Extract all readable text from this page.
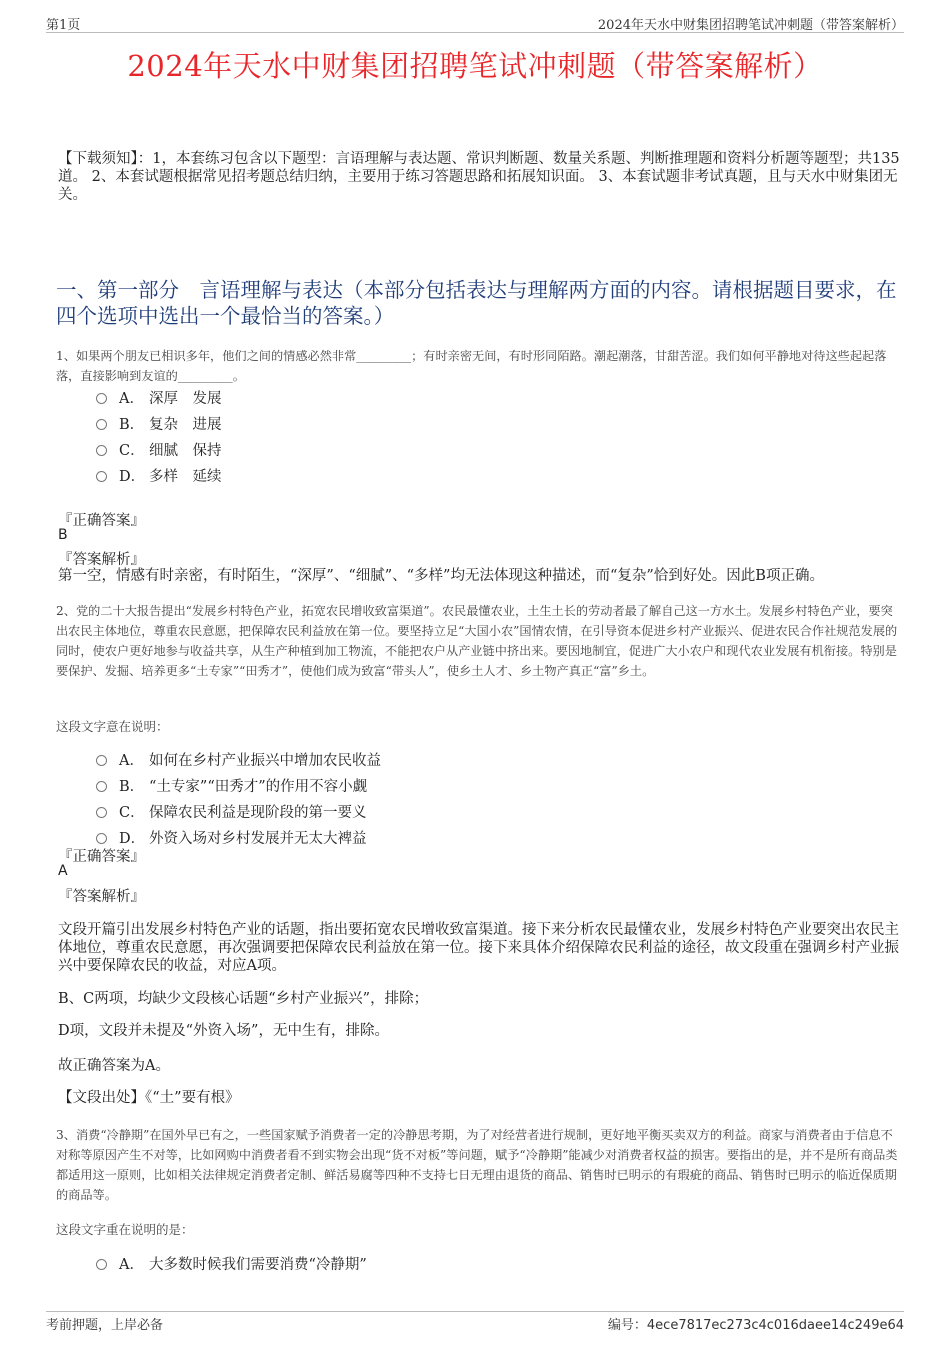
第1页	2024年天水中财集团招聘笔试冲刺题（带答案解析）
2024年天水中财集团招聘笔试冲刺题（带答案解析）
【下载须知】：1，本套练习包含以下题型：言语理解与表达题、常识判断题、数量关系题、判断推理题和资料分析题等题型；共135道。 2、本套试题根据常见招考题总结归纳，主要用于练习答题思路和拓展知识面。 3、本套试题非考试真题，且与天水中财集团无关。
一、第一部分　言语理解与表达（本部分包括表达与理解两方面的内容。请根据题目要求，在四个选项中选出一个最恰当的答案。）
1、如果两个朋友已相识多年，他们之间的情感必然非常_________；有时亲密无间，有时形同陌路。潮起潮落，甘甜苦涩。我们如何平静地对待这些起起落落，直接影响到友谊的_________。
A． 深厚　发展
B． 复杂　进展
C． 细腻　保持
D． 多样　延续
『正确答案』
B
『答案解析』
第一空，情感有时亲密，有时陌生，“深厚”、“细腻”、“多样”均无法体现这种描述，而“复杂”恰到好处。因此B项正确。
2、党的二十大报告提出“发展乡村特色产业，拓宽农民增收致富渠道”。农民最懂农业，土生土长的劳动者最了解自己这一方水土。发展乡村特色产业，要突出农民主体地位，尊重农民意愿，把保障农民利益放在第一位。要坚持立足“大国小农”国情农情，在引导资本促进乡村产业振兴、促进农民合作社规范发展的同时，使农户更好地参与收益共享，从生产种植到加工物流，不能把农户从产业链中挤出来。要因地制宜，促进广大小农户和现代农业发展有机衔接。特别是要保护、发掘、培养更多“土专家”“田秀才”，使他们成为致富“带头人”，使乡土人才、乡土物产真正“富”乡土。
这段文字意在说明：
A． 如何在乡村产业振兴中增加农民收益
B． “土专家”“田秀才”的作用不容小觑
C． 保障农民利益是现阶段的第一要义
D． 外资入场对乡村发展并无太大裨益
『正确答案』
A
『答案解析』
文段开篇引出发展乡村特色产业的话题，指出要拓宽农民增收致富渠道。接下来分析农民最懂农业，发展乡村特色产业要突出农民主体地位，尊重农民意愿，再次强调要把保障农民利益放在第一位。接下来具体介绍保障农民利益的途径，故文段重在强调乡村产业振兴中要保障农民的收益，对应A项。
B、C两项，均缺少文段核心话题“乡村产业振兴”，排除；
D项，文段并未提及“外资入场”，无中生有，排除。
故正确答案为A。
【文段出处】《“土”要有根》
3、消费“冷静期”在国外早已有之，一些国家赋予消费者一定的冷静思考期，为了对经营者进行规制，更好地平衡买卖双方的利益。商家与消费者由于信息不对称等原因产生不对等，比如网购中消费者看不到实物会出现“货不对板”等问题，赋予“冷静期”能减少对消费者权益的损害。要指出的是，并不是所有商品类都适用这一原则，比如相关法律规定消费者定制、鲜活易腐等四种不支持七日无理由退货的商品、销售时已明示的有瑕疵的商品、销售时已明示的临近保质期的商品等。
这段文字重在说明的是：
A． 大多数时候我们需要消费“冷静期”
考前押题，上岸必备	编号：4ece7817ec273c4c016daee14c249e64
